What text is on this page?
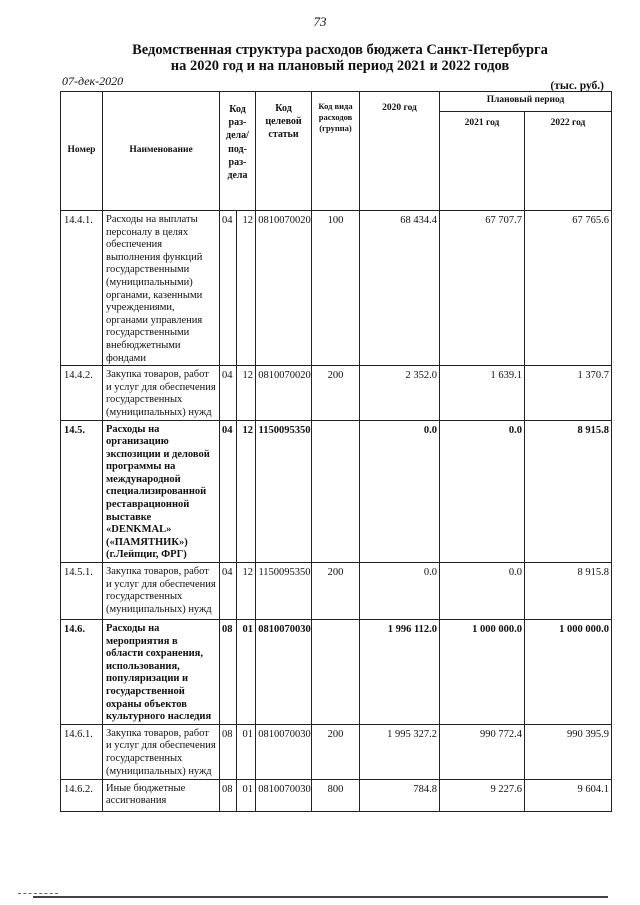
73
Ведомственная структура расходов бюджета Санкт-Петербурга
на 2020 год и на плановый период 2021 и 2022 годов
07-дек-2020	(тыс. руб.)
Номер	Наименование	Код раз-дела/ под-раз-дела		Код целевой статьи	Код вида расходов (группа)	2020 год	Плановый период	
							2021 год	2022 год
14.4.1.	Расходы на выплаты персоналу в целях обеспечения выполнения функций государственными (муниципальными) органами, казенными учреждениями, органами управления государственными внебюджетными фондами	04	12	0810070020	100	68 434.4	67 707.7	67 765.6
14.4.2.	Закупка товаров, работ и услуг для обеспечения государственных (муниципальных) нужд	04	12	0810070020	200	2 352.0	1 639.1	1 370.7
14.5.	Расходы на организацию экспозиции и деловой программы на международной специализированной реставрационной выставке «DENKMAL» («ПАМЯТНИК») (г.Лейпциг, ФРГ)	04	12	1150095350		0.0	0.0	8 915.8
14.5.1.	Закупка товаров, работ и услуг для обеспечения государственных (муниципальных) нужд	04	12	1150095350	200	0.0	0.0	8 915.8
14.6.	Расходы на мероприятия в области сохранения, использования, популяризации и государственной охраны объектов культурного наследия	08	01	0810070030		1 996 112.0	1 000 000.0	1 000 000.0
14.6.1.	Закупка товаров, работ и услуг для обеспечения государственных (муниципальных) нужд	08	01	0810070030	200	1 995 327.2	990 772.4	990 395.9
14.6.2.	Иные бюджетные ассигнования	08	01	0810070030	800	784.8	9 227.6	9 604.1
